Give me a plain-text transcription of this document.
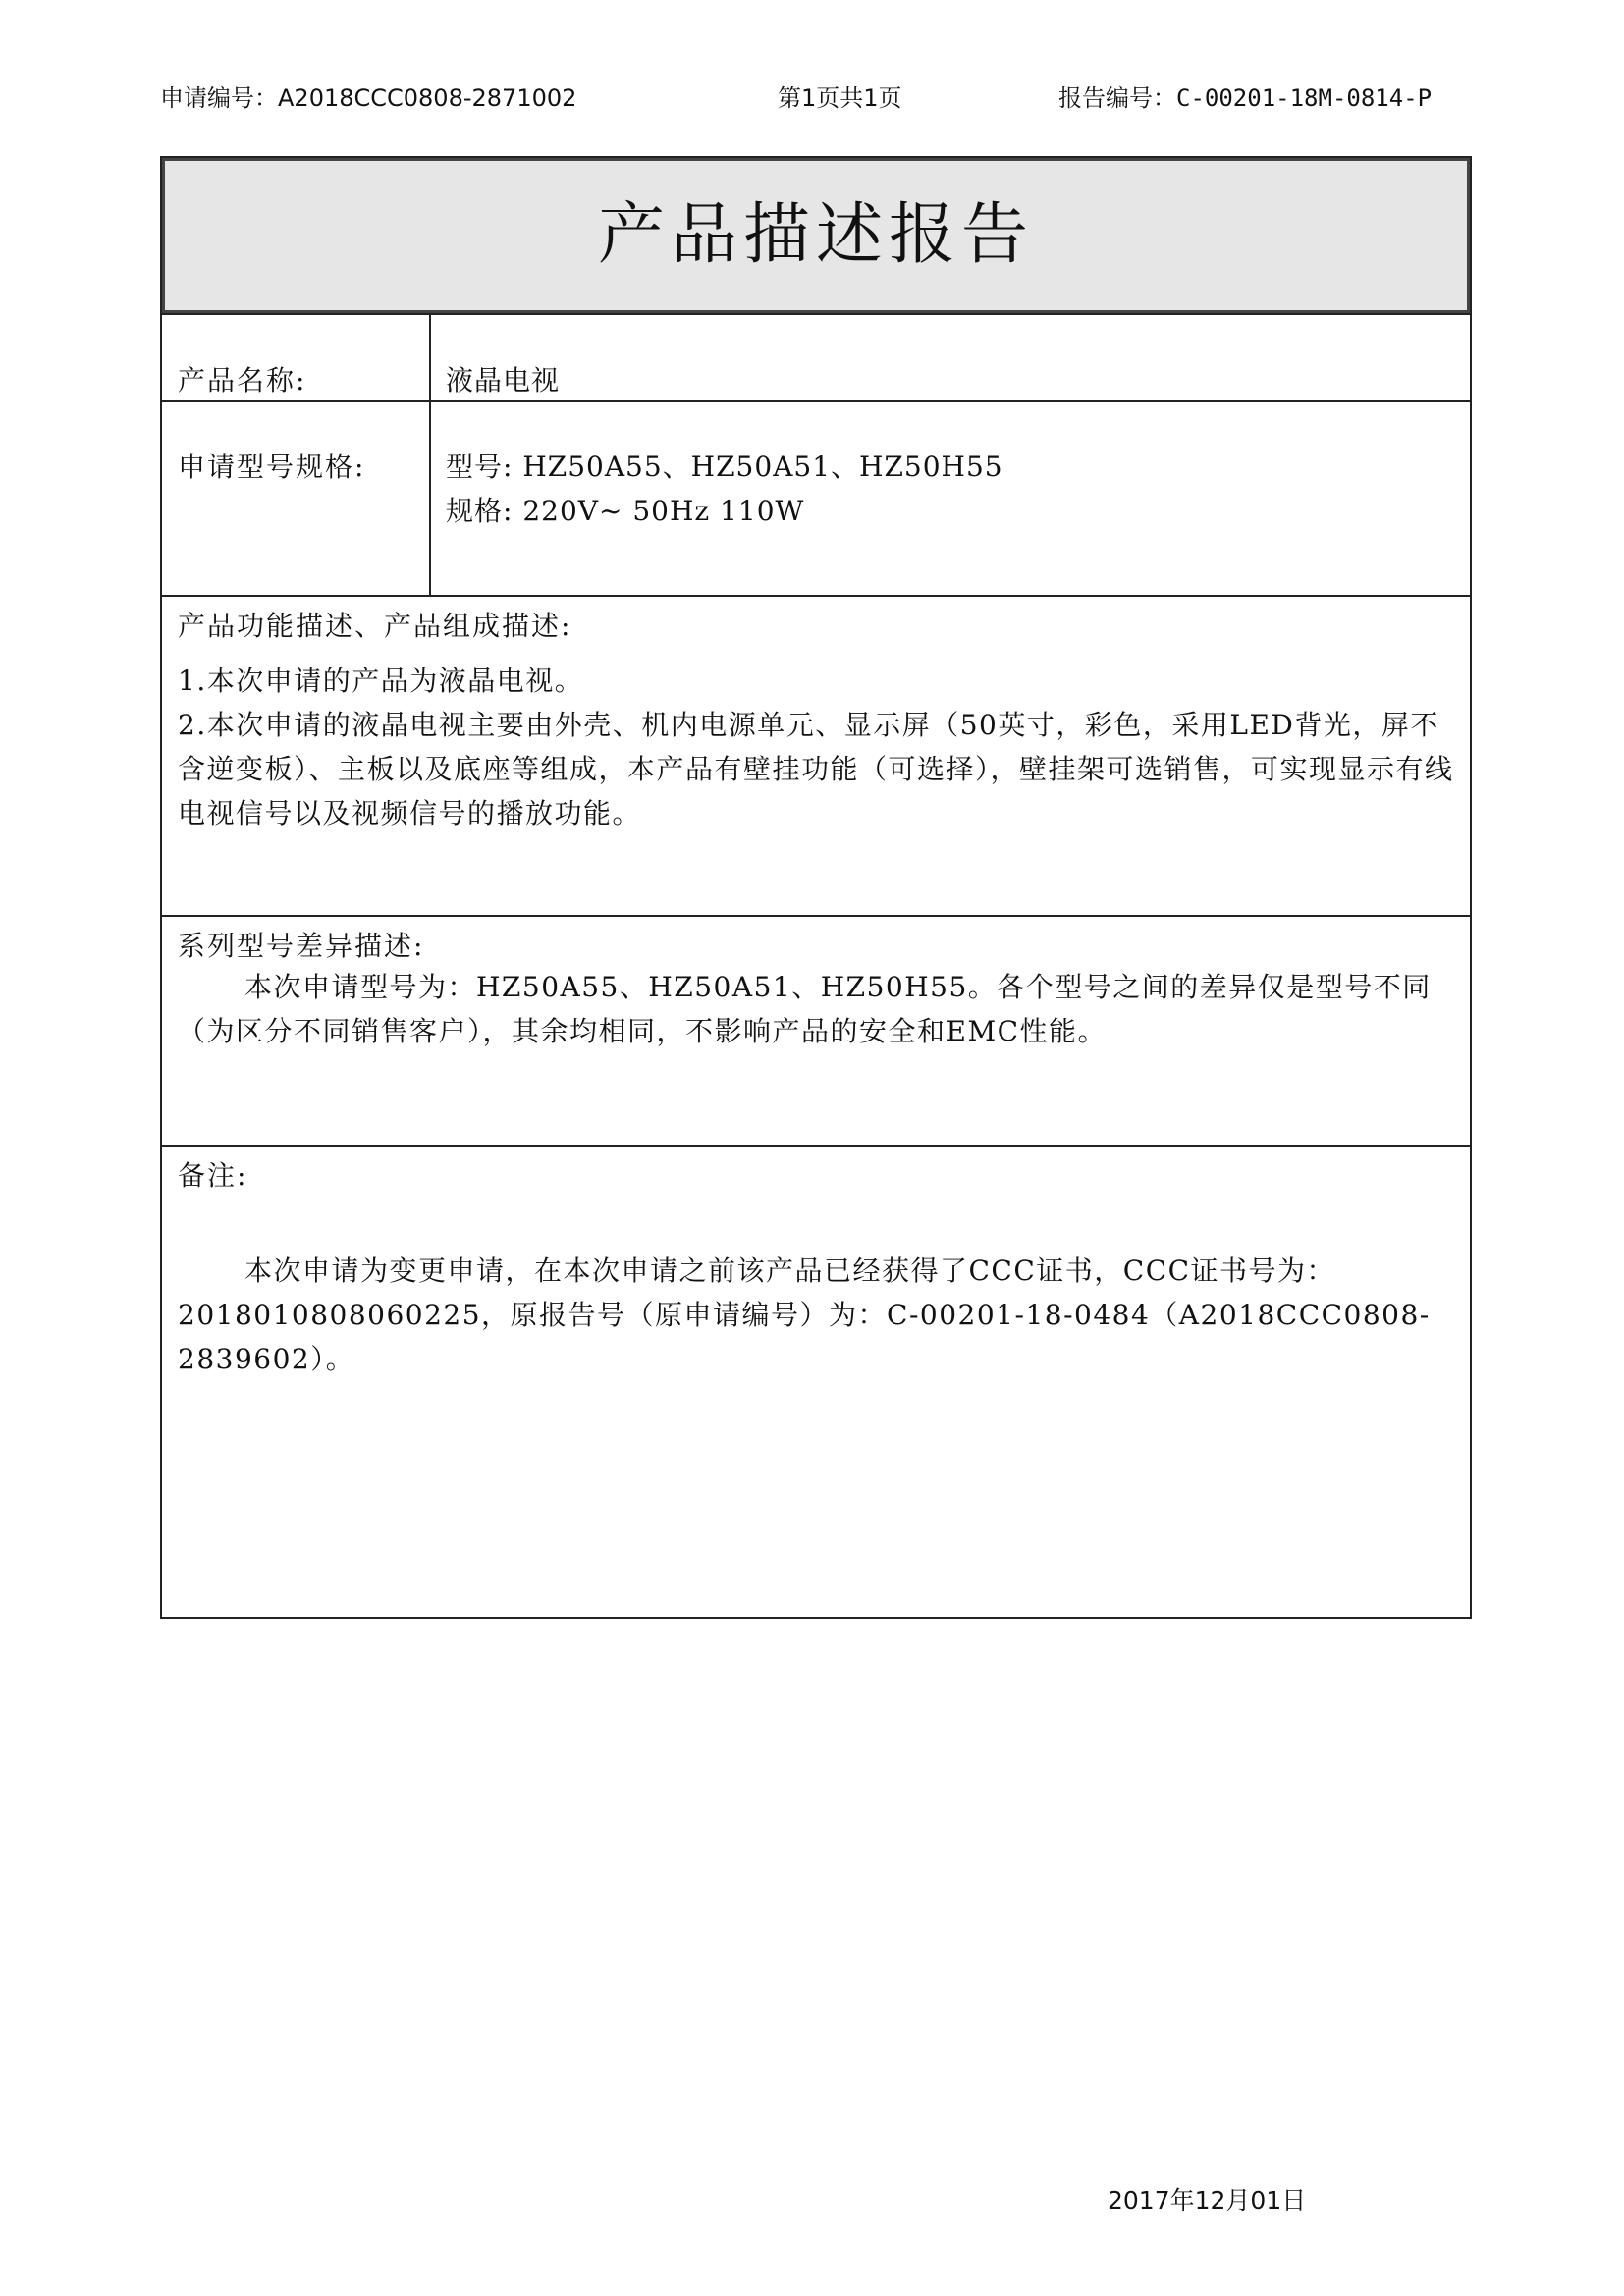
申请编号：A2018CCC0808-2871002	第1页共1页	报告编号：C-00201-18M-0814-P
产品描述报告
产品名称:	液晶电视
申请型号规格:	型号: HZ50A55、HZ50A51、HZ50H55
规格: 220V~ 50Hz 110W
产品功能描述、产品组成描述:

1.本次申请的产品为液晶电视。

2.本次申请的液晶电视主要由外壳、机内电源单元、显示屏（50英寸，彩色，采用LED背光，屏不含逆变板）、主板以及底座等组成，本产品有壁挂功能（可选择），壁挂架可选销售，可实现显示有线电视信号以及视频信号的播放功能。

系列型号差异描述:

本次申请型号为：HZ50A55、HZ50A51、HZ50H55。各个型号之间的差异仅是型号不同（为区分不同销售客户），其余均相同，不影响产品的安全和EMC性能。

备注:

本次申请为变更申请，在本次申请之前该产品已经获得了CCC证书，CCC证书号为：2018010808060225，原报告号（原申请编号）为：C-00201-18-0484（A2018CCC0808-2839602）。

2017年12月01日
